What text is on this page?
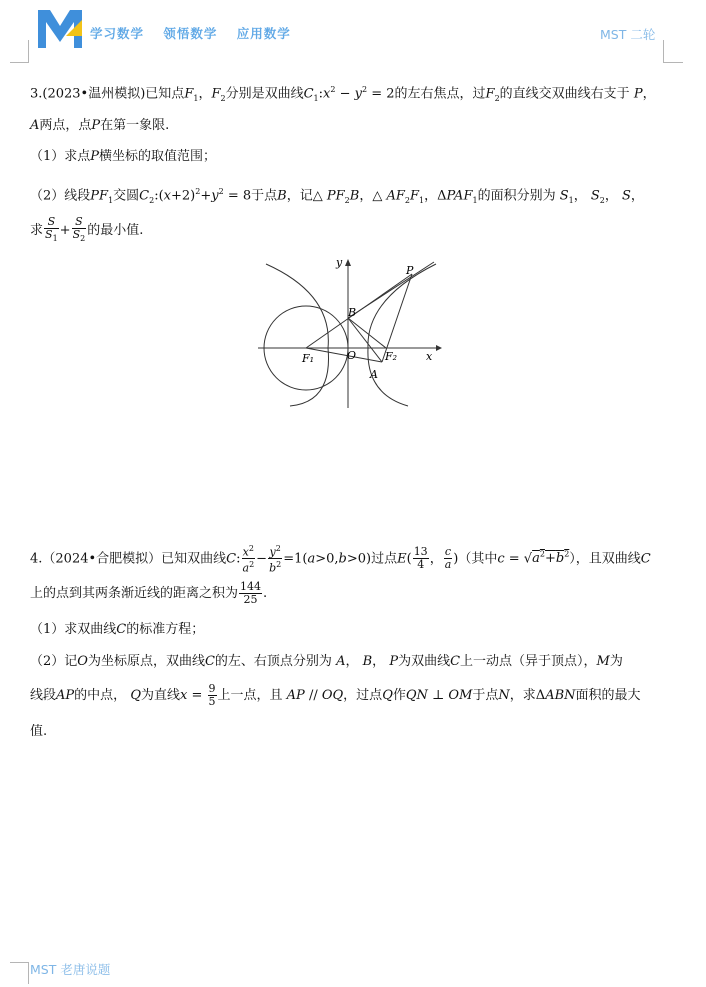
学习数学 领悟数学 应用数学	MST 二轮
3.(2023•温州模拟)已知点$F_1$，$F_2$分别是双曲线$C_1:x^2 - y^2 = 2$的左右焦点，过$F_2$的直线交双曲线右支于 P，
A两点，点P在第一象限.
（1）求点P横坐标的取值范围；
（2）线段$PF_1$交圆$C_2:(x+2)^2+y^2 = 8$于点B，记△ $PF_2B$，△ $AF_2F_1$，$\Delta PAF_1$的面积分别为 $S_1$， $S_2$， S，
求 $\frac{S}{S_1} + \frac{S}{S_2}$ 的最小值.
y
x
P
B
O
F₁	F₂
A
4.（2024•合肥模拟）已知双曲线C: $\frac{x^2}{a^2} - \frac{y^2}{b^2} =1(a>0,b>0)$过点$E( \frac{13}{4}$ ， $\frac{c}{a}$ )（其中$c = √a^2+b^2$），且双曲线C
上的点到其两条渐近线的距离之积为 $\frac{144}{25}$ .
（1）求双曲线C的标准方程；
（2）记O为坐标原点，双曲线C的左、右顶点分别为 A， B， P为双曲线C上一动点（异于顶点），M为
线段AP的中点， Q为直线$x = \frac{9}{5}$ 上一点，且 AP // OQ，过点Q作QN ⊥ OM于点N，求ΔABN面积的最大
值.
MST 老唐说题
